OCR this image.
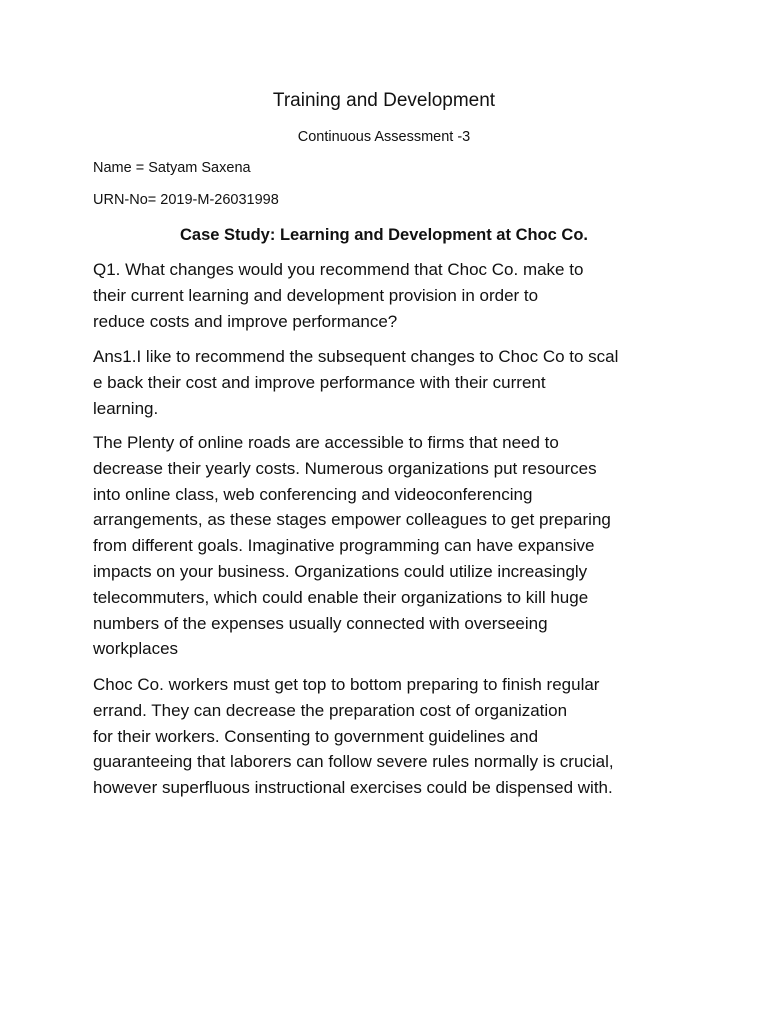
Training and Development
Continuous Assessment -3
Name = Satyam Saxena
URN-No= 2019-M-26031998
Case Study: Learning and Development at Choc Co.
Q1. What changes would you recommend that Choc Co. make to
their current learning and development provision in order to
reduce costs and improve performance?
Ans1.I like to recommend the subsequent changes to Choc Co to scal
e back their cost and improve performance with their current
learning.
The Plenty of online roads are accessible to firms that need to
decrease their yearly costs. Numerous organizations put resources
into online class, web conferencing and videoconferencing
arrangements, as these stages empower colleagues to get preparing
from different goals. Imaginative programming can have expansive
impacts on your business. Organizations could utilize increasingly
telecommuters, which could enable their organizations to kill huge
numbers of the expenses usually connected with overseeing
workplaces
Choc Co. workers must get top to bottom preparing to finish regular
errand. They can decrease the preparation cost of organization
for their workers. Consenting to government guidelines and
guaranteeing that laborers can follow severe rules normally is crucial,
however superfluous instructional exercises could be dispensed with.
